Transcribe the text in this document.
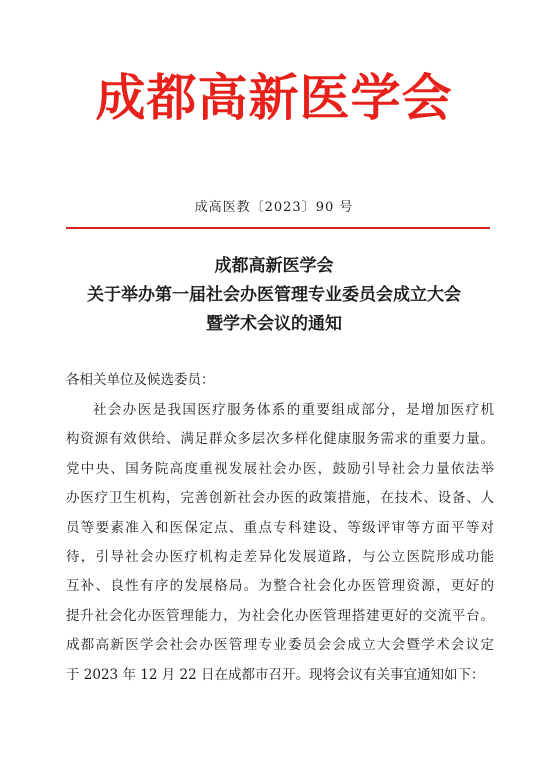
成都高新医学会
成高医教〔2023〕90 号
成都高新医学会
关于举办第一届社会办医管理专业委员会成立大会
暨学术会议的通知
各相关单位及候选委员：
社会办医是我国医疗服务体系的重要组成部分，是增加医疗机
构资源有效供给、满足群众多层次多样化健康服务需求的重要力量。
党中央、国务院高度重视发展社会办医，鼓励引导社会力量依法举
办医疗卫生机构，完善创新社会办医的政策措施，在技术、设备、人
员等要素准入和医保定点、重点专科建设、等级评审等方面平等对
待，引导社会办医疗机构走差异化发展道路，与公立医院形成功能
互补、良性有序的发展格局。为整合社会化办医管理资源，更好的
提升社会化办医管理能力，为社会化办医管理搭建更好的交流平台。
成都高新医学会社会办医管理专业委员会会成立大会暨学术会议定
于 2023 年 12 月 22 日在成都市召开。现将会议有关事宜通知如下：
